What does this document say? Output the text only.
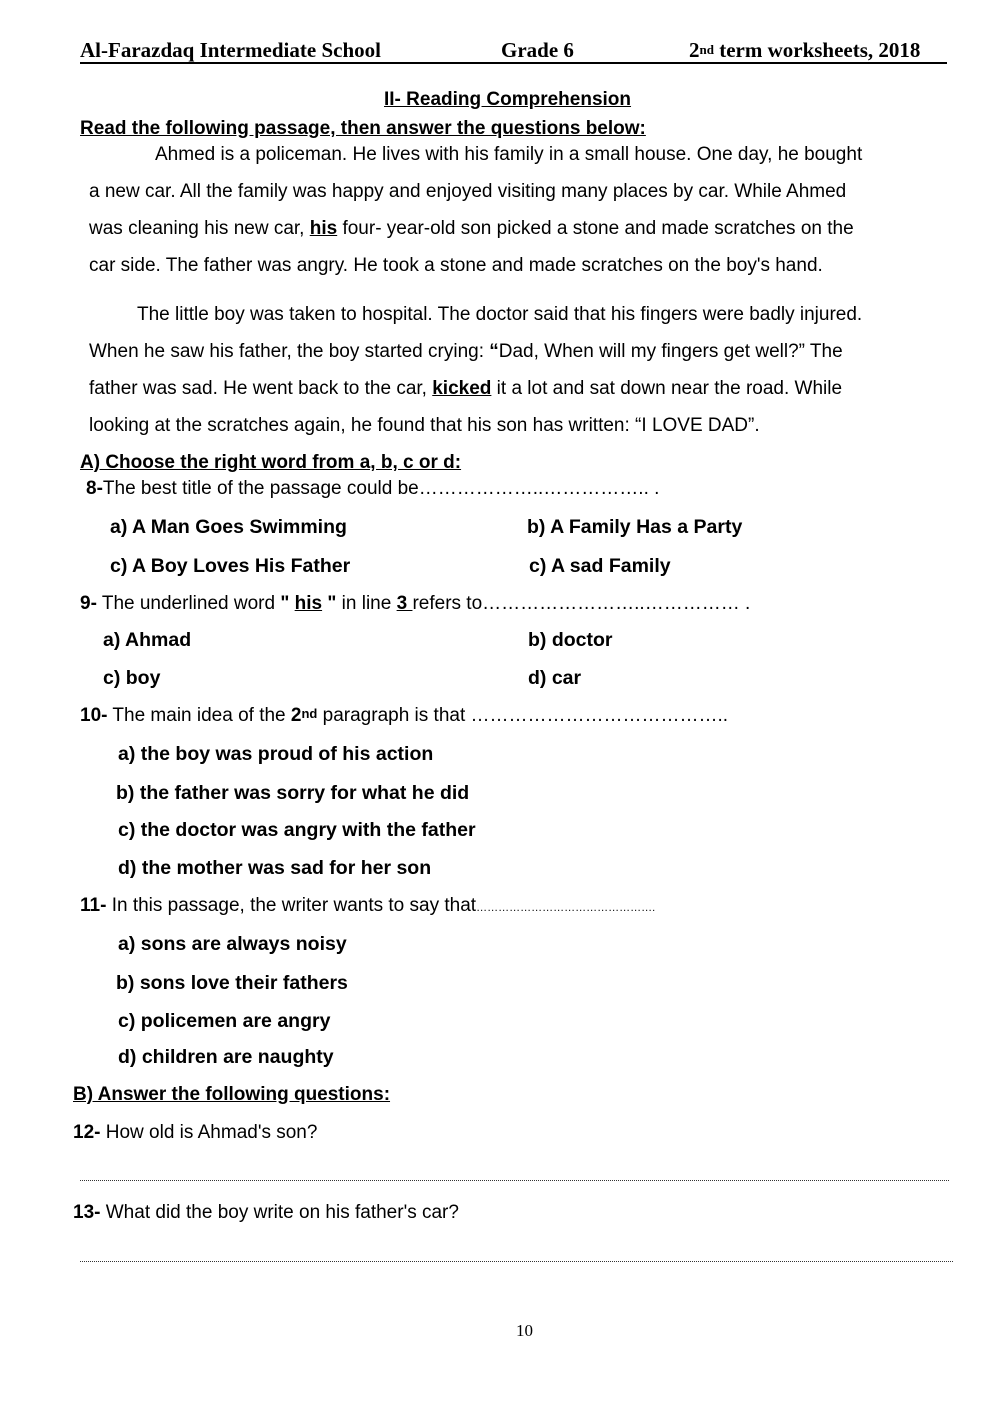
Al-Farazdaq Intermediate School	Grade 6	2nd term worksheets, 2018
II- Reading Comprehension
Read the following passage, then answer the questions below:

Ahmed is a policeman. He lives with his family in a small house. One day, he bought

a new car. All the family was happy and enjoyed visiting many places by car. While Ahmed

was cleaning his new car, his four- year-old son picked a stone and made scratches on the

car side. The father was angry. He took a stone and made scratches on the boy's hand.

The little boy was taken to hospital. The doctor said that his fingers were badly injured.

When he saw his father, the boy started crying: “Dad, When will my fingers get well?” The

father was sad. He went back to the car, kicked it a lot and sat down near the road. While

looking at the scratches again, he found that his son has written: “I LOVE DAD”.

A) Choose the right word from a, b, c or d:
8-The best title of the passage could be………………..…………….. .
a) A Man Goes Swimming	b) A Family Has a Party
c) A Boy Loves His Father	c) A sad Family
9- The underlined word " his " in line 3 refers to……………………..…………… .
a) Ahmad	b) doctor
c) boy	d) car
10- The main idea of the 2nd paragraph is that …………………………………..
a) the boy was proud of his action
b) the father was sorry for what he did
c) the doctor was angry with the father
d) the mother was sad for her son
11- In this passage, the writer wants to say that………………………………………….
a) sons are always noisy
b) sons love their fathers
c) policemen are angry
d) children are naughty
B) Answer the following questions:
12- How old is Ahmad's son?
13- What did the boy write on his father's car?
10
